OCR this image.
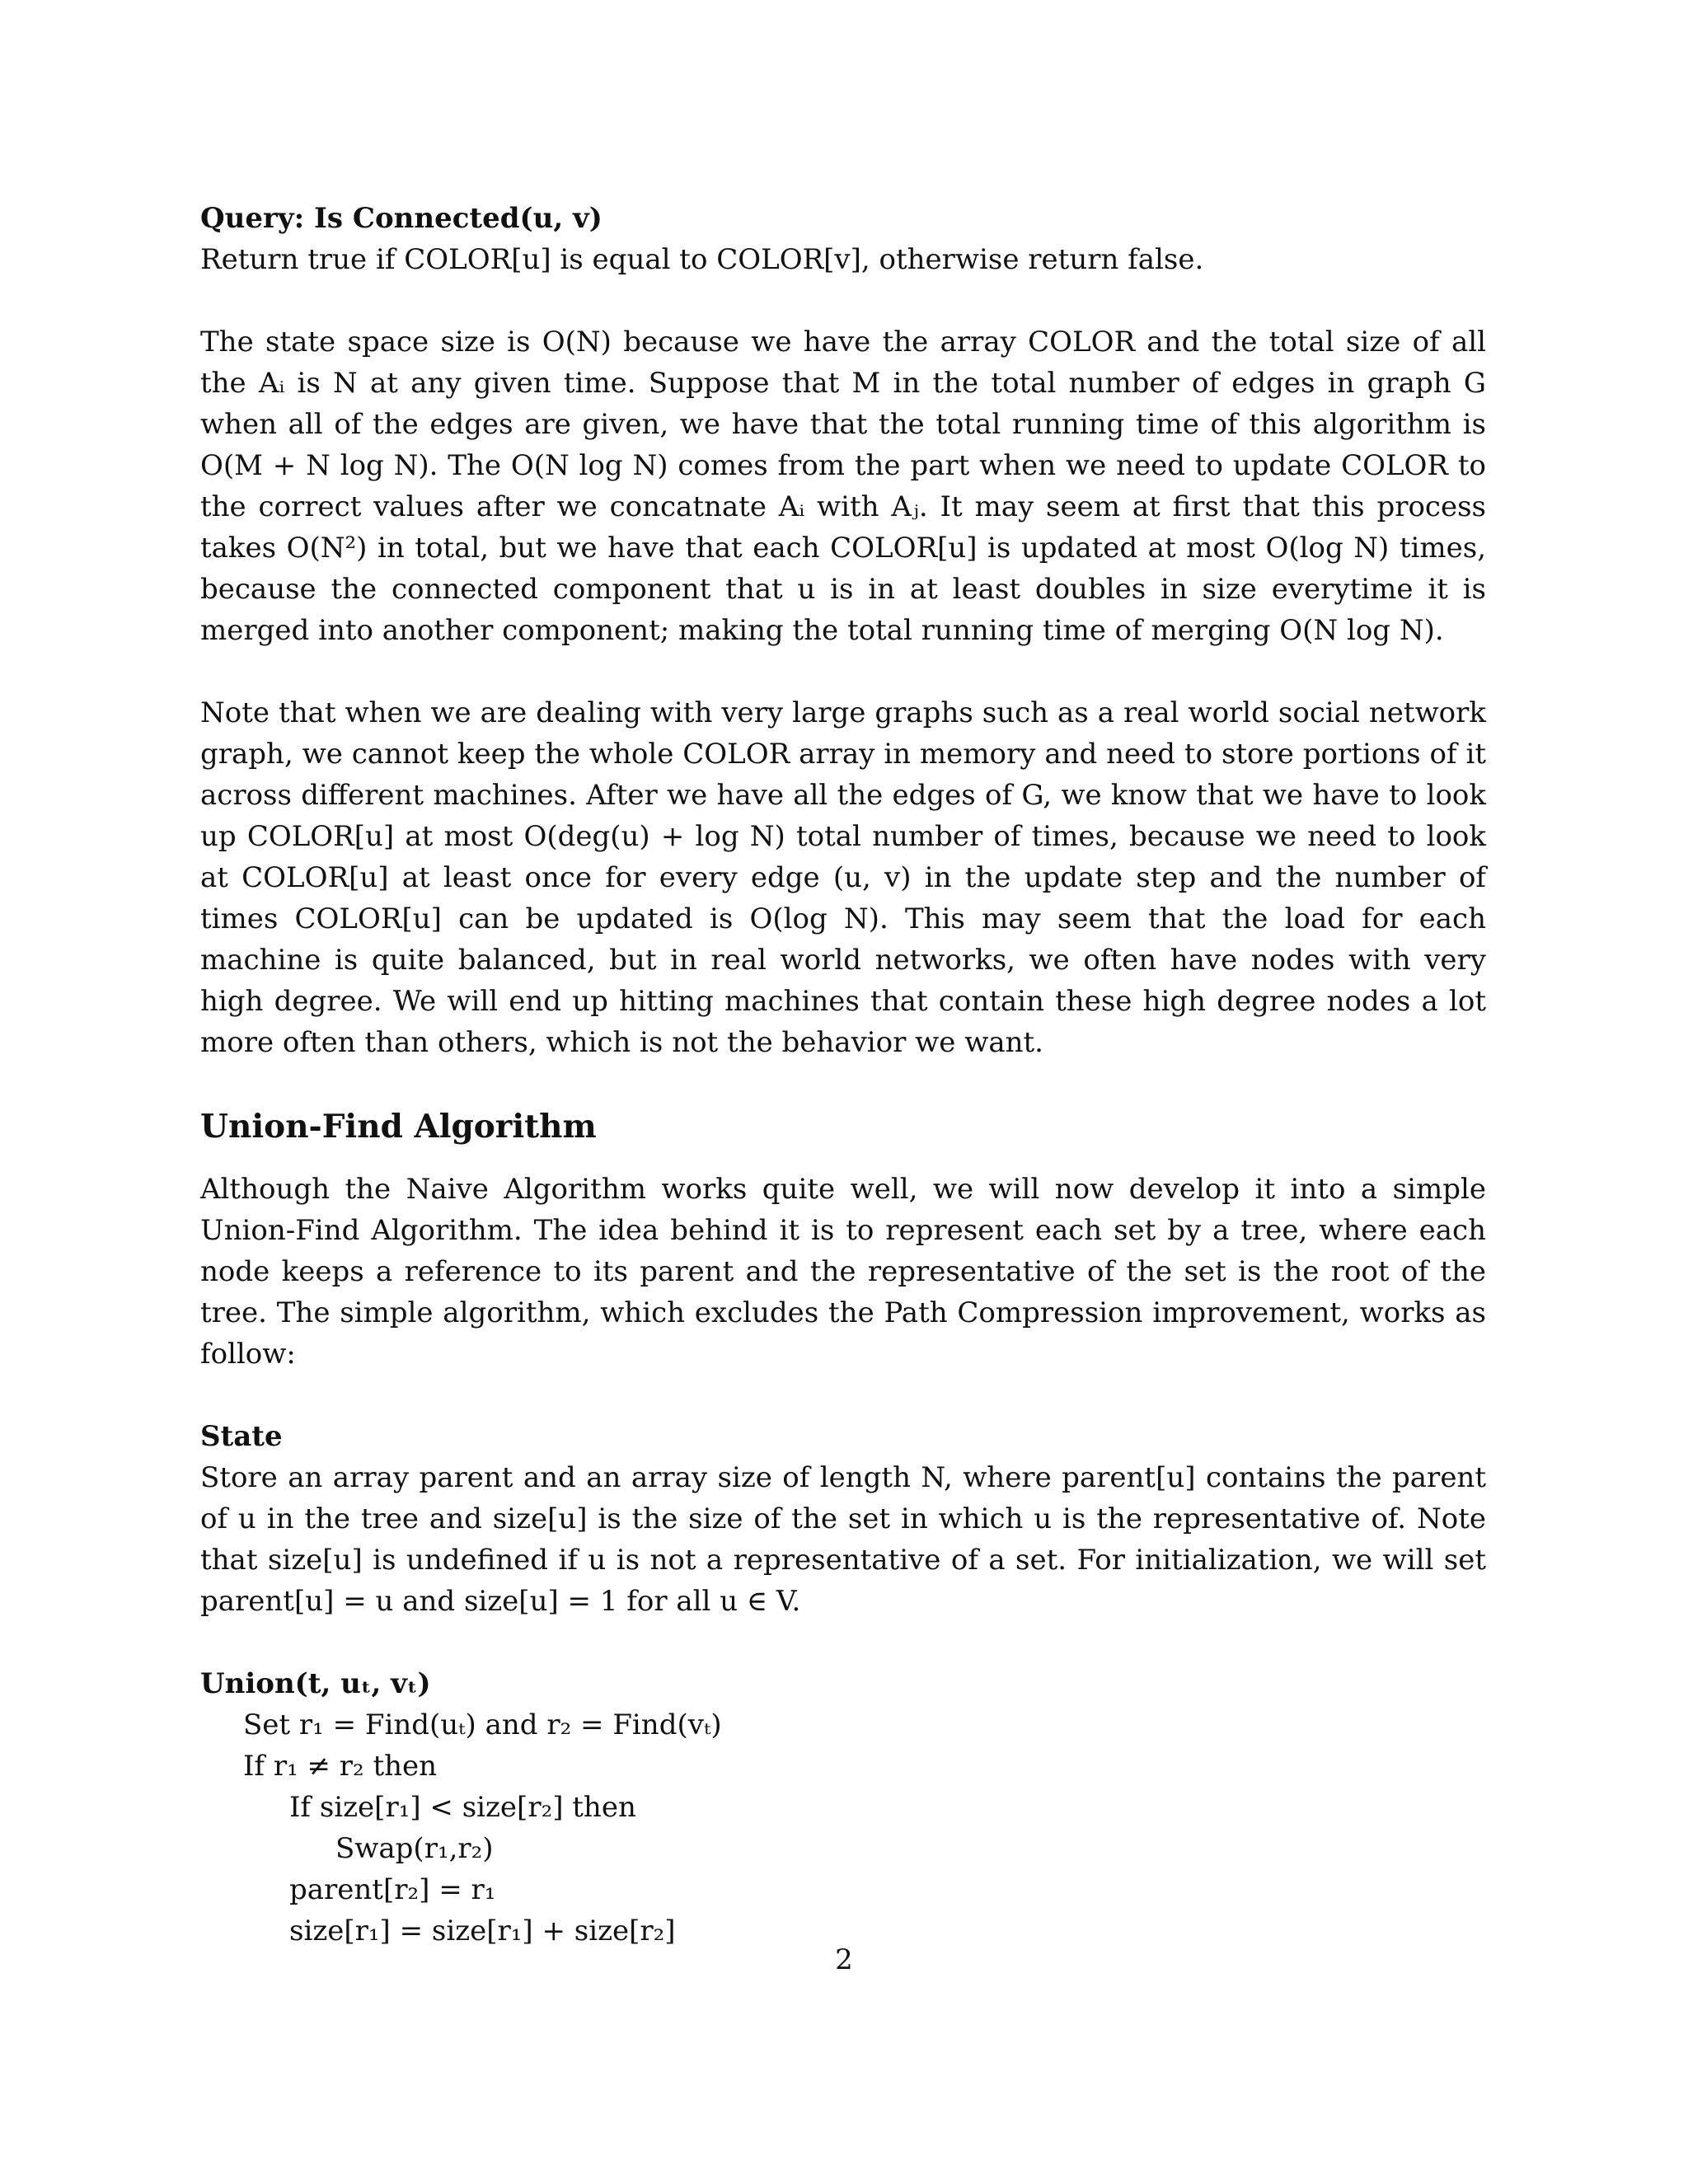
Query: Is Connected(u, v)
Return true if COLOR[u] is equal to COLOR[v], otherwise return false.
The state space size is O(N) because we have the array COLOR and the total size of all the Aᵢ is N at any given time. Suppose that M in the total number of edges in graph G when all of the edges are given, we have that the total running time of this algorithm is O(M + N log N). The O(N log N) comes from the part when we need to update COLOR to the correct values after we concatnate Aᵢ with Aⱼ. It may seem at first that this process takes O(N²) in total, but we have that each COLOR[u] is updated at most O(log N) times, because the connected component that u is in at least doubles in size everytime it is merged into another component; making the total running time of merging O(N log N).
Note that when we are dealing with very large graphs such as a real world social network graph, we cannot keep the whole COLOR array in memory and need to store portions of it across different machines. After we have all the edges of G, we know that we have to look up COLOR[u] at most O(deg(u) + log N) total number of times, because we need to look at COLOR[u] at least once for every edge (u, v) in the update step and the number of times COLOR[u] can be updated is O(log N). This may seem that the load for each machine is quite balanced, but in real world networks, we often have nodes with very high degree. We will end up hitting machines that contain these high degree nodes a lot more often than others, which is not the behavior we want.
Union-Find Algorithm
Although the Naive Algorithm works quite well, we will now develop it into a simple Union-Find Algorithm. The idea behind it is to represent each set by a tree, where each node keeps a reference to its parent and the representative of the set is the root of the tree. The simple algorithm, which excludes the Path Compression improvement, works as follow:
State
Store an array parent and an array size of length N, where parent[u] contains the parent of u in the tree and size[u] is the size of the set in which u is the representative of. Note that size[u] is undefined if u is not a representative of a set. For initialization, we will set parent[u] = u and size[u] = 1 for all u ∈ V.
Union(t, uₜ, vₜ)
Set r₁ = Find(uₜ) and r₂ = Find(vₜ)
If r₁ ≠ r₂ then
If size[r₁] < size[r₂] then
Swap(r₁,r₂)
parent[r₂] = r₁
size[r₁] = size[r₁] + size[r₂]
2
